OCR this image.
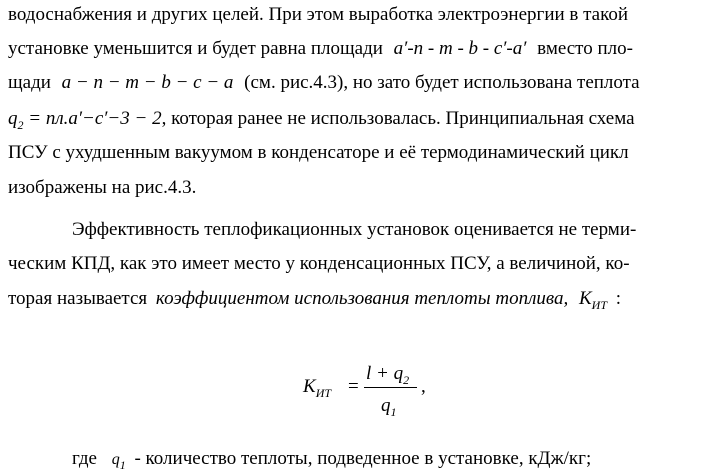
водоснабжения и других целей. При этом выработка электроэнергии в такой
установке уменьшится и будет равна площади a′-n - m - b - c′-a′ вместо пло-
щади a − n − m − b − c − a (см. рис.4.3), но зато будет использована теплота
$q_2 = пл.a'-c'-3 - 2$, которая ранее не использовалась. Принципиальная схема
ПСУ с ухудшенным вакуумом в конденсаторе и её термодинамический цикл
изображены на рис.4.3.
Эффективность теплофикационных установок оценивается не терми-
ческим КПД, как это имеет место у конденсационных ПСУ, а величиной, ко-
торая называется коэффициентом использования теплоты топлива, $K_{ИТ}$ :
$K_{ИТ}$ =
$l + q_2$
$q_1$
,
где $q_1$ - количество теплоты, подведенное в установке, кДж/кг;
